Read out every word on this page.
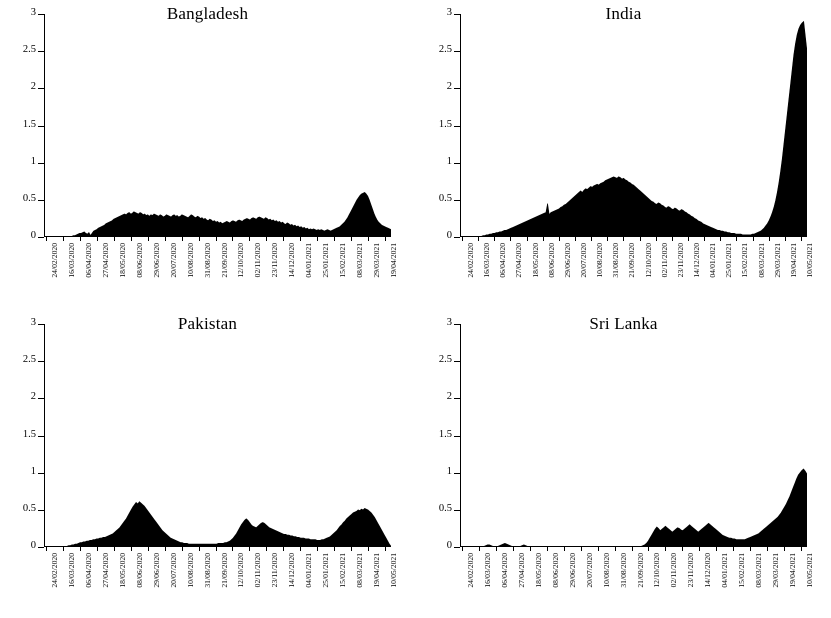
Bangladesh
0
0.5
1
1.5
2
2.5
3
24/02/2020 16/03/2020 06/04/2020 27/04/2020 18/05/2020 08/06/2020 29/06/2020 20/07/2020 10/08/2020 31/08/2020 21/09/2020 12/10/2020 02/11/2020 23/11/2020 14/12/2020 04/01/2021 25/01/2021 15/02/2021 08/03/2021 29/03/2021 19/04/2021
India
0
0.5
1
1.5
2
2.5
3
24/02/2020 16/03/2020 06/04/2020 27/04/2020 18/05/2020 08/06/2020 29/06/2020 20/07/2020 10/08/2020 31/08/2020 21/09/2020 12/10/2020 02/11/2020 23/11/2020 14/12/2020 04/01/2021 25/01/2021 15/02/2021 08/03/2021 29/03/2021 19/04/2021 10/05/2021
Pakistan
0
0.5
1
1.5
2
2.5
3
24/02/2020 16/03/2020 06/04/2020 27/04/2020 18/05/2020 08/06/2020 29/06/2020 20/07/2020 10/08/2020 31/08/2020 21/09/2020 12/10/2020 02/11/2020 23/11/2020 14/12/2020 04/01/2021 25/01/2021 15/02/2021 08/03/2021 19/04/2021 10/05/2021
Sri Lanka
0
0.5
1
1.5
2
2.5
3
24/02/2020 16/03/2020 06/04/2020 27/04/2020 18/05/2020 08/06/2020 29/06/2020 20/07/2020 10/08/2020 31/08/2020 21/09/2020 12/10/2020 02/11/2020 23/11/2020 14/12/2020 04/01/2021 15/02/2021 08/03/2021 29/03/2021 19/04/2021 10/05/2021
